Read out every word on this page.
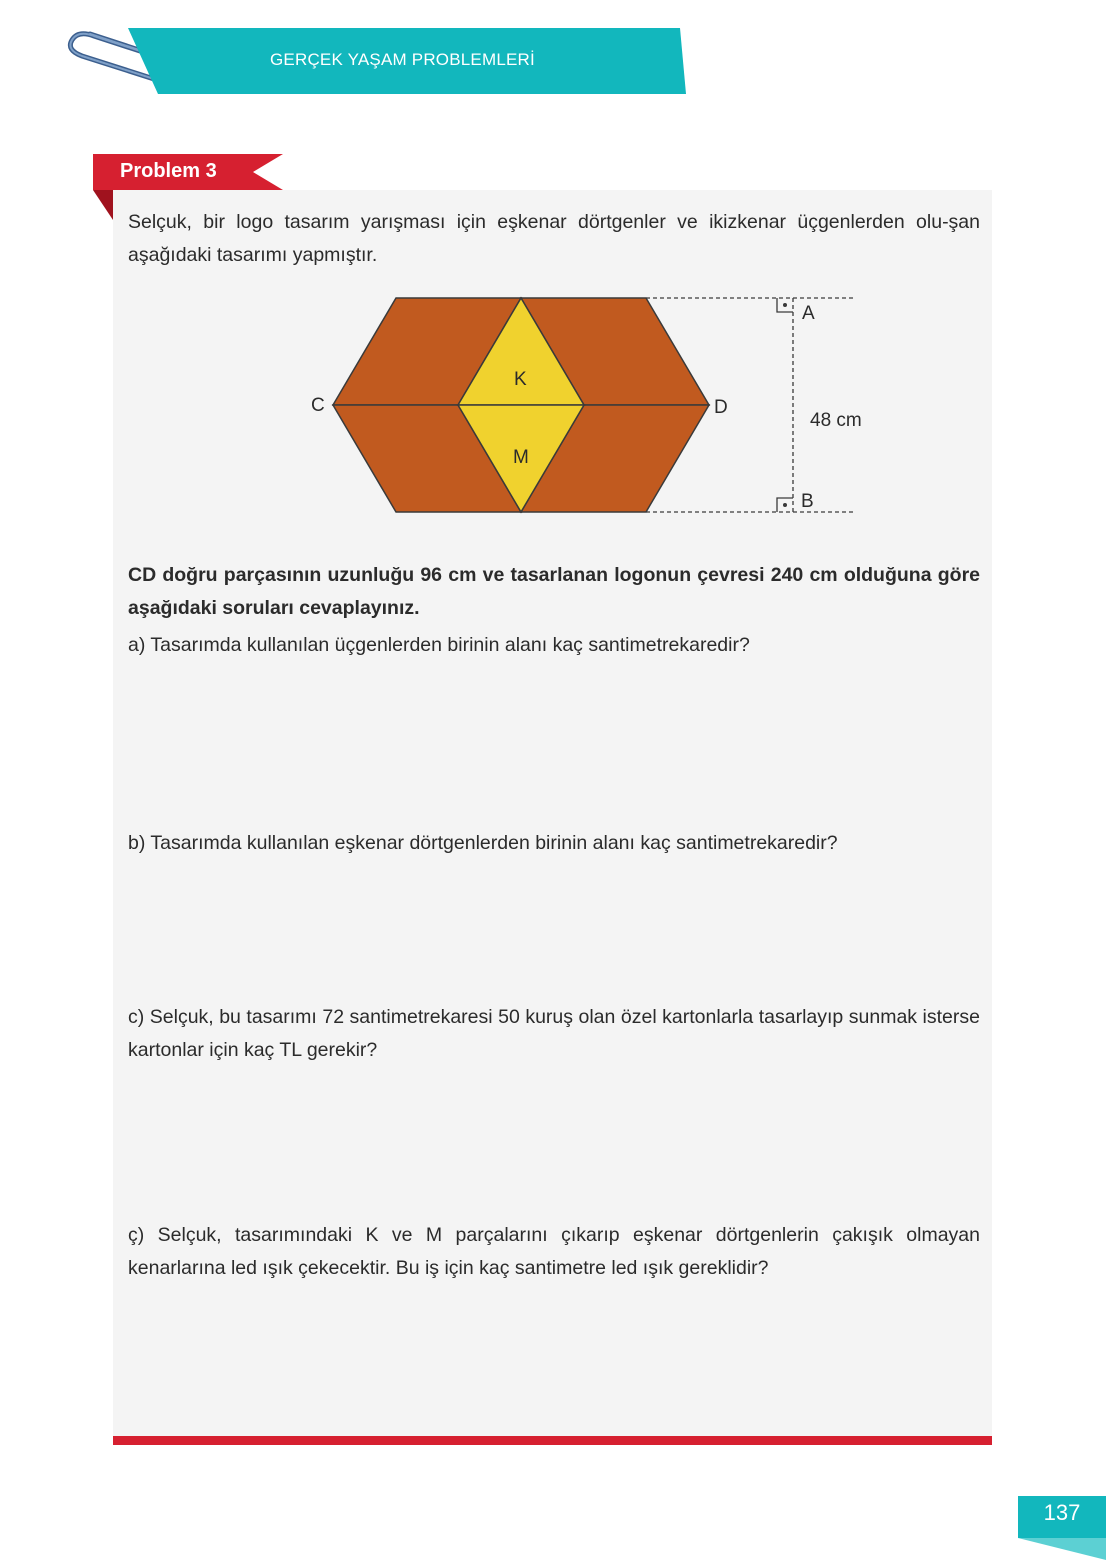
GERÇEK YAŞAM PROBLEMLERİ
Problem 3
Selçuk, bir logo tasarım yarışması için eşkenar dörtgenler ve ikizkenar üçgenlerden olu-şan aşağıdaki tasarımı yapmıştır.
K
M
C	D
A
B
48 cm
CD doğru parçasının uzunluğu 96 cm ve tasarlanan logonun çevresi 240 cm olduğuna göre aşağıdaki soruları cevaplayınız.
a) Tasarımda kullanılan üçgenlerden birinin alanı kaç santimetrekaredir?
b) Tasarımda kullanılan eşkenar dörtgenlerden birinin alanı kaç santimetrekaredir?
c) Selçuk, bu tasarımı 72 santimetrekaresi 50 kuruş olan özel kartonlarla tasarlayıp sunmak isterse kartonlar için kaç TL gerekir?
ç) Selçuk, tasarımındaki K ve M parçalarını çıkarıp eşkenar dörtgenlerin çakışık olmayan kenarlarına led ışık çekecektir. Bu iş için kaç santimetre led ışık gereklidir?
137
